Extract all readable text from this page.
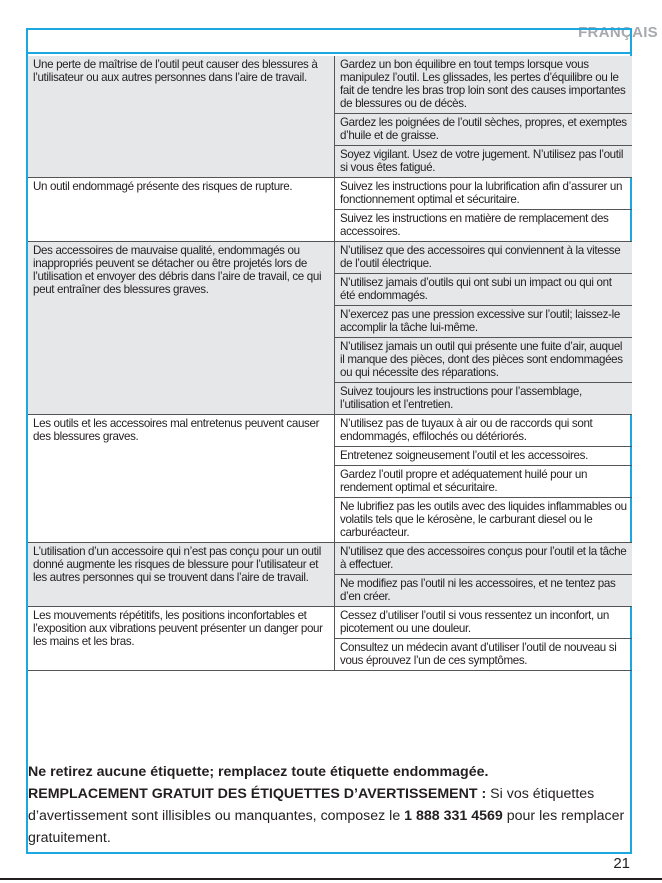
FRANÇAIS
Une perte de maîtrise de l’outil peut causer des blessures à l’utilisateur ou aux autres personnes dans l’aire de travail.	Gardez un bon équilibre en tout temps lorsque vous manipulez l’outil. Les glissades, les pertes d’équilibre ou le fait de tendre les bras trop loin sont des causes importantes de blessures ou de décès.
	Gardez les poignées de l’outil sèches, propres, et exemptes d’huile et de graisse.
	Soyez vigilant. Usez de votre jugement. N’utilisez pas l’outil si vous êtes fatigué.
Un outil endommagé présente des risques de rupture.	Suivez les instructions pour la lubrification afin d’assurer un fonctionnement optimal et sécuritaire.
	Suivez les instructions en matière de remplacement des accessoires.
Des accessoires de mauvaise qualité, endommagés ou inappropriés peuvent se détacher ou être projetés lors de l’utilisation et envoyer des débris dans l’aire de travail, ce qui peut entraîner des blessures graves.	N’utilisez que des accessoires qui conviennent à la vitesse de l’outil électrique.
	N’utilisez jamais d’outils qui ont subi un impact ou qui ont été endommagés.
	N’exercez pas une pression excessive sur l’outil; laissez-le accomplir la tâche lui-même.
	N’utilisez jamais un outil qui présente une fuite d’air, auquel il manque des pièces, dont des pièces sont endommagées ou qui nécessite des réparations.
	Suivez toujours les instructions pour l’assemblage, l’utilisation et l’entretien.
Les outils et les accessoires mal entretenus peuvent causer des blessures graves.	N’utilisez pas de tuyaux à air ou de raccords qui sont endommagés, effilochés ou détériorés.
	Entretenez soigneusement l’outil et les accessoires.
	Gardez l’outil propre et adéquatement huilé pour un rendement optimal et sécuritaire.
	Ne lubrifiez pas les outils avec des liquides inflammables ou volatils tels que le kérosène, le carburant diesel ou le carburéacteur.
L’utilisation d’un accessoire qui n’est pas conçu pour un outil donné augmente les risques de blessure pour l’utilisateur et les autres personnes qui se trouvent dans l’aire de travail.	N’utilisez que des accessoires conçus pour l’outil et la tâche à effectuer.
	Ne modifiez pas l’outil ni les accessoires, et ne tentez pas d’en créer.
Les mouvements répétitifs, les positions inconfortables et l’exposition aux vibrations peuvent présenter un danger pour les mains et les bras.	Cessez d’utiliser l’outil si vous ressentez un inconfort, un picotement ou une douleur.
	Consultez un médecin avant d’utiliser l’outil de nouveau si vous éprouvez l’un de ces symptômes.

Ne retirez aucune étiquette; remplacez toute étiquette endommagée.

REMPLACEMENT GRATUIT DES ÉTIQUETTES D’AVERTISSEMENT : Si vos étiquettes d’avertissement sont illisibles ou manquantes, composez le 1 888 331 4569 pour les remplacer gratuitement.

21
